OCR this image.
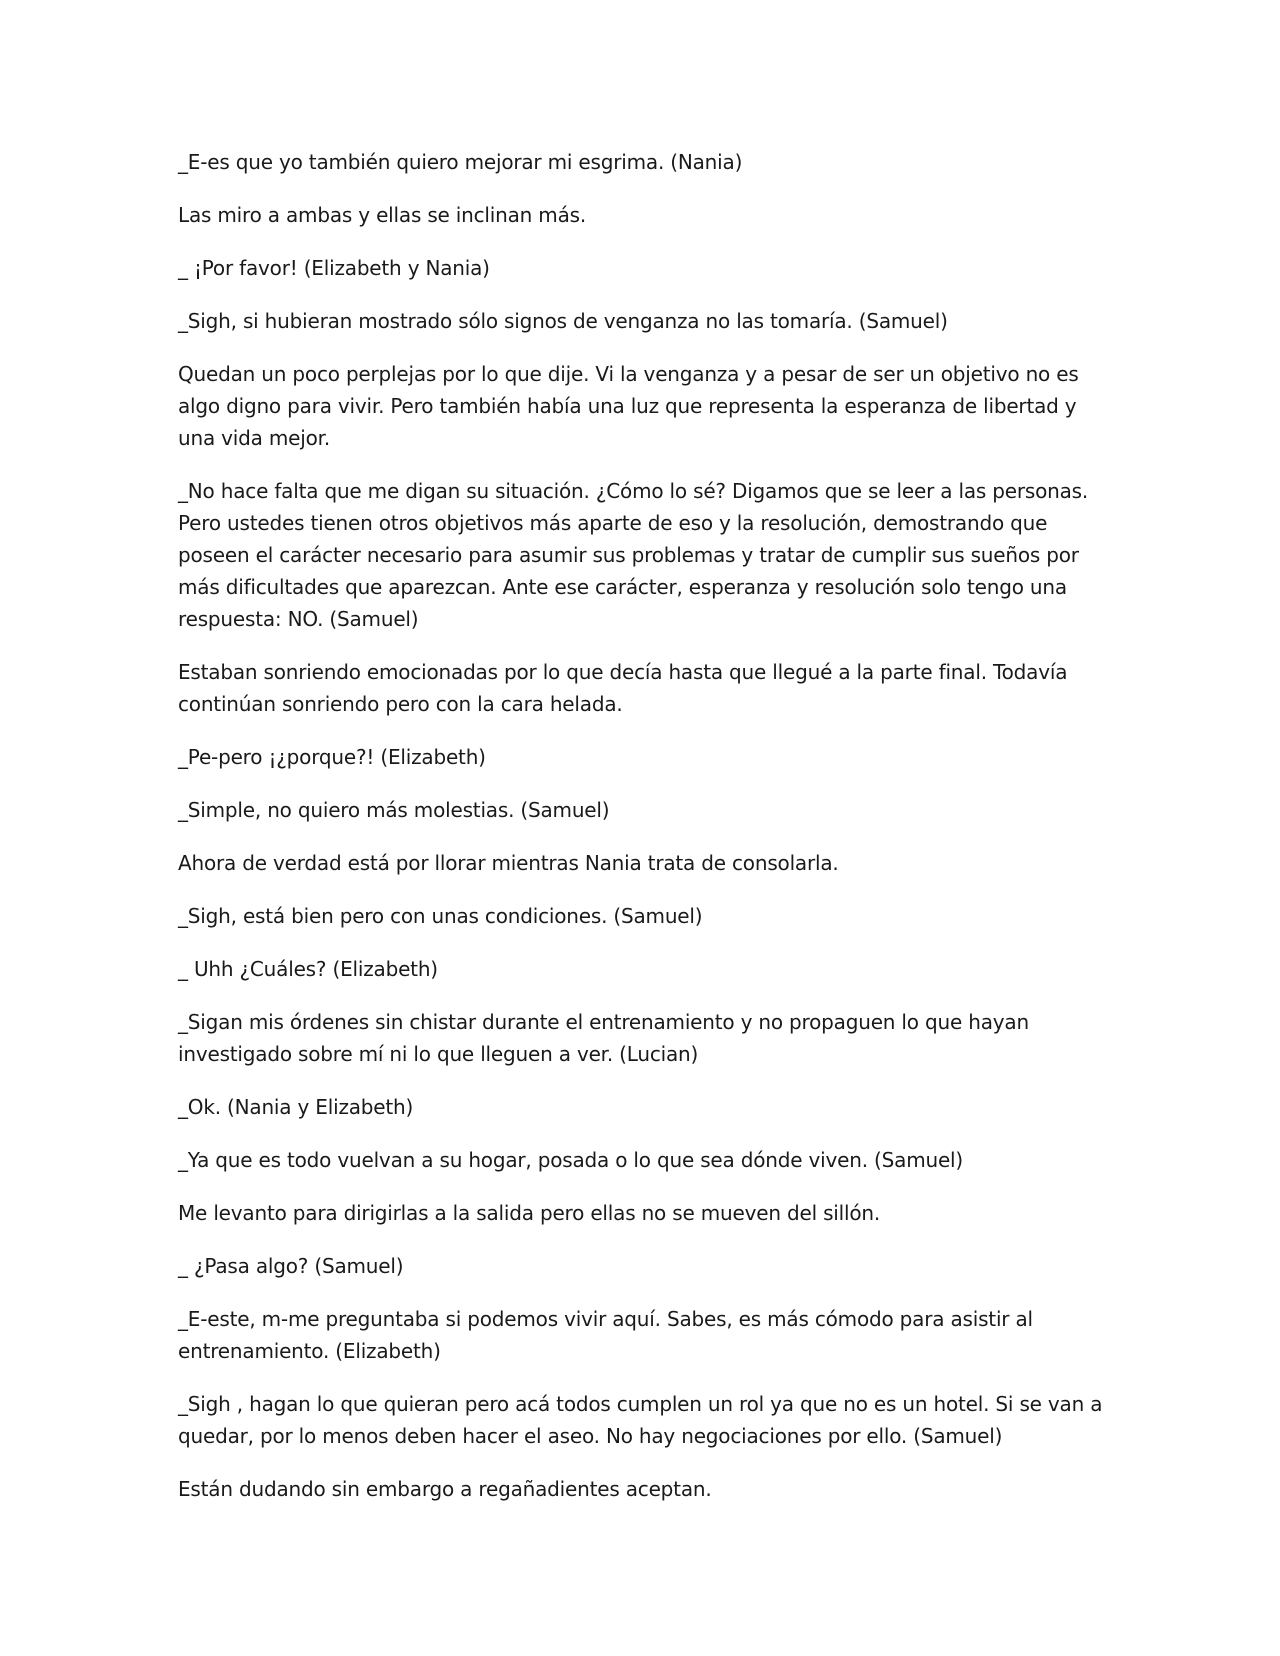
_E-es que yo también quiero mejorar mi esgrima. (Nania)

Las miro a ambas y ellas se inclinan más.

_ ¡Por favor! (Elizabeth y Nania)

_Sigh, si hubieran mostrado sólo signos de venganza no las tomaría. (Samuel)

Quedan un poco perplejas por lo que dije. Vi la venganza y a pesar de ser un objetivo no es algo digno para vivir. Pero también había una luz que representa la esperanza de libertad y una vida mejor.

_No hace falta que me digan su situación. ¿Cómo lo sé? Digamos que se leer a las personas. Pero ustedes tienen otros objetivos más aparte de eso y la resolución, demostrando que poseen el carácter necesario para asumir sus problemas y tratar de cumplir sus sueños por más dificultades que aparezcan. Ante ese carácter, esperanza y resolución solo tengo una respuesta: NO. (Samuel)

Estaban sonriendo emocionadas por lo que decía hasta que llegué a la parte final. Todavía continúan sonriendo pero con la cara helada.

_Pe-pero ¡¿porque?! (Elizabeth)

_Simple, no quiero más molestias. (Samuel)

Ahora de verdad está por llorar mientras Nania trata de consolarla.

_Sigh, está bien pero con unas condiciones. (Samuel)

_ Uhh ¿Cuáles? (Elizabeth)

_Sigan mis órdenes sin chistar durante el entrenamiento y no propaguen lo que hayan investigado sobre mí ni lo que lleguen a ver. (Lucian)

_Ok. (Nania y Elizabeth)

_Ya que es todo vuelvan a su hogar, posada o lo que sea dónde viven. (Samuel)

Me levanto para dirigirlas a la salida pero ellas no se mueven del sillón.

_ ¿Pasa algo? (Samuel)

_E-este, m-me preguntaba si podemos vivir aquí. Sabes, es más cómodo para asistir al entrenamiento. (Elizabeth)

_Sigh , hagan lo que quieran pero acá todos cumplen un rol ya que no es un hotel. Si se van a quedar, por lo menos deben hacer el aseo. No hay negociaciones por ello. (Samuel)

Están dudando sin embargo a regañadientes aceptan.
